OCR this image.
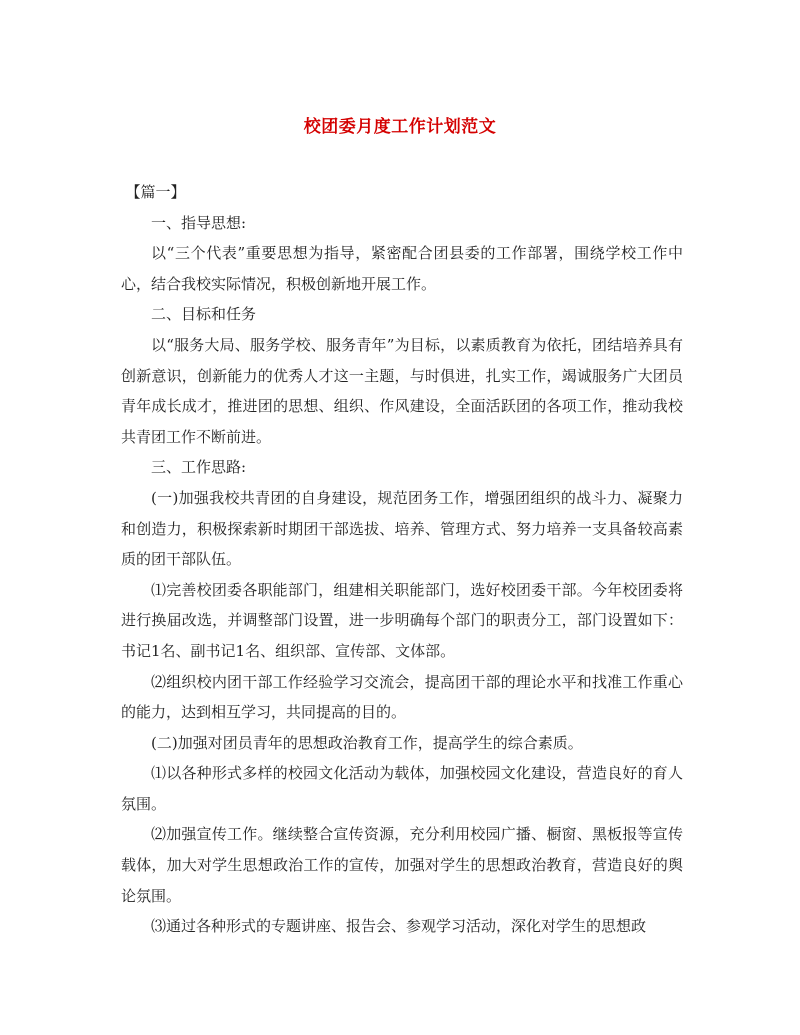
校团委月度工作计划范文

【篇一】

一、指导思想:

以“三个代表”重要思想为指导，紧密配合团县委的工作部署，围绕学校工作中心，结合我校实际情况，积极创新地开展工作。

二、目标和任务

以“服务大局、服务学校、服务青年”为目标，以素质教育为依托，团结培养具有创新意识，创新能力的优秀人才这一主题，与时俱进，扎实工作，竭诚服务广大团员青年成长成才，推进团的思想、组织、作风建设，全面活跃团的各项工作，推动我校共青团工作不断前进。

三、工作思路:

(一)加强我校共青团的自身建设，规范团务工作，增强团组织的战斗力、凝聚力和创造力，积极探索新时期团干部选拔、培养、管理方式、努力培养一支具备较高素质的团干部队伍。

⑴完善校团委各职能部门，组建相关职能部门，选好校团委干部。今年校团委将进行换届改选，并调整部门设置，进一步明确每个部门的职责分工，部门设置如下：书记1名、副书记1名、组织部、宣传部、文体部。

⑵组织校内团干部工作经验学习交流会，提高团干部的理论水平和找准工作重心的能力，达到相互学习，共同提高的目的。

(二)加强对团员青年的思想政治教育工作，提高学生的综合素质。

⑴以各种形式多样的校园文化活动为载体，加强校园文化建设，营造良好的育人氛围。

⑵加强宣传工作。继续整合宣传资源，充分利用校园广播、橱窗、黑板报等宣传载体，加大对学生思想政治工作的宣传，加强对学生的思想政治教育，营造良好的舆论氛围。

⑶通过各种形式的专题讲座、报告会、参观学习活动，深化对学生的思想政
